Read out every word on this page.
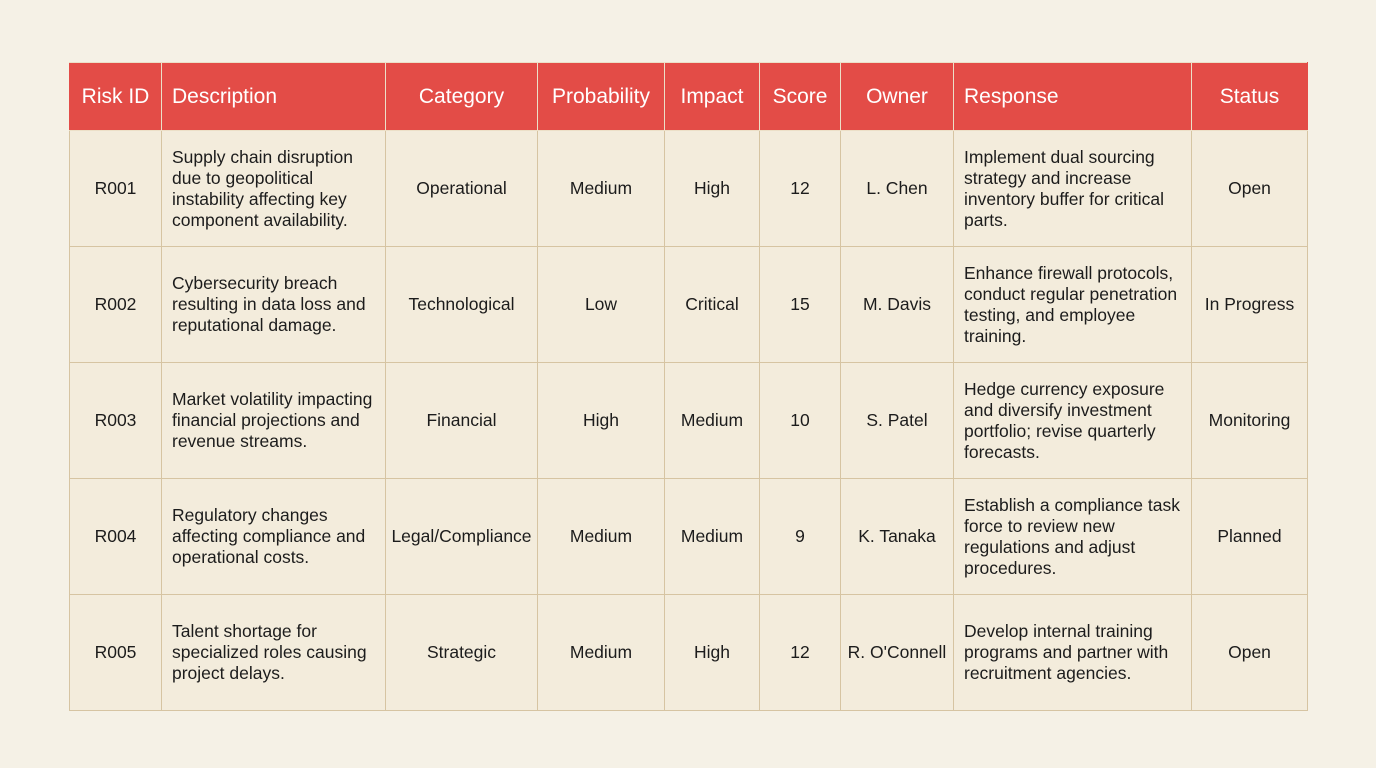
Risk ID	Description	Category	Probability	Impact	Score	Owner	Response	Status
R001	Supply chain disruption due to geopolitical instability affecting key component availability.	Operational	Medium	High	12	L. Chen	Implement dual sourcing strategy and increase inventory buffer for critical parts.	Open
R002	Cybersecurity breach resulting in data loss and reputational damage.	Technological	Low	Critical	15	M. Davis	Enhance firewall protocols, conduct regular penetration testing, and employee training.	In Progress
R003	Market volatility impacting financial projections and revenue streams.	Financial	High	Medium	10	S. Patel	Hedge currency exposure and diversify investment portfolio; revise quarterly forecasts.	Monitoring
R004	Regulatory changes affecting compliance and operational costs.	Legal/Compliance	Medium	Medium	9	K. Tanaka	Establish a compliance task force to review new regulations and adjust procedures.	Planned
R005	Talent shortage for specialized roles causing project delays.	Strategic	Medium	High	12	R. O'Connell	Develop internal training programs and partner with recruitment agencies.	Open
